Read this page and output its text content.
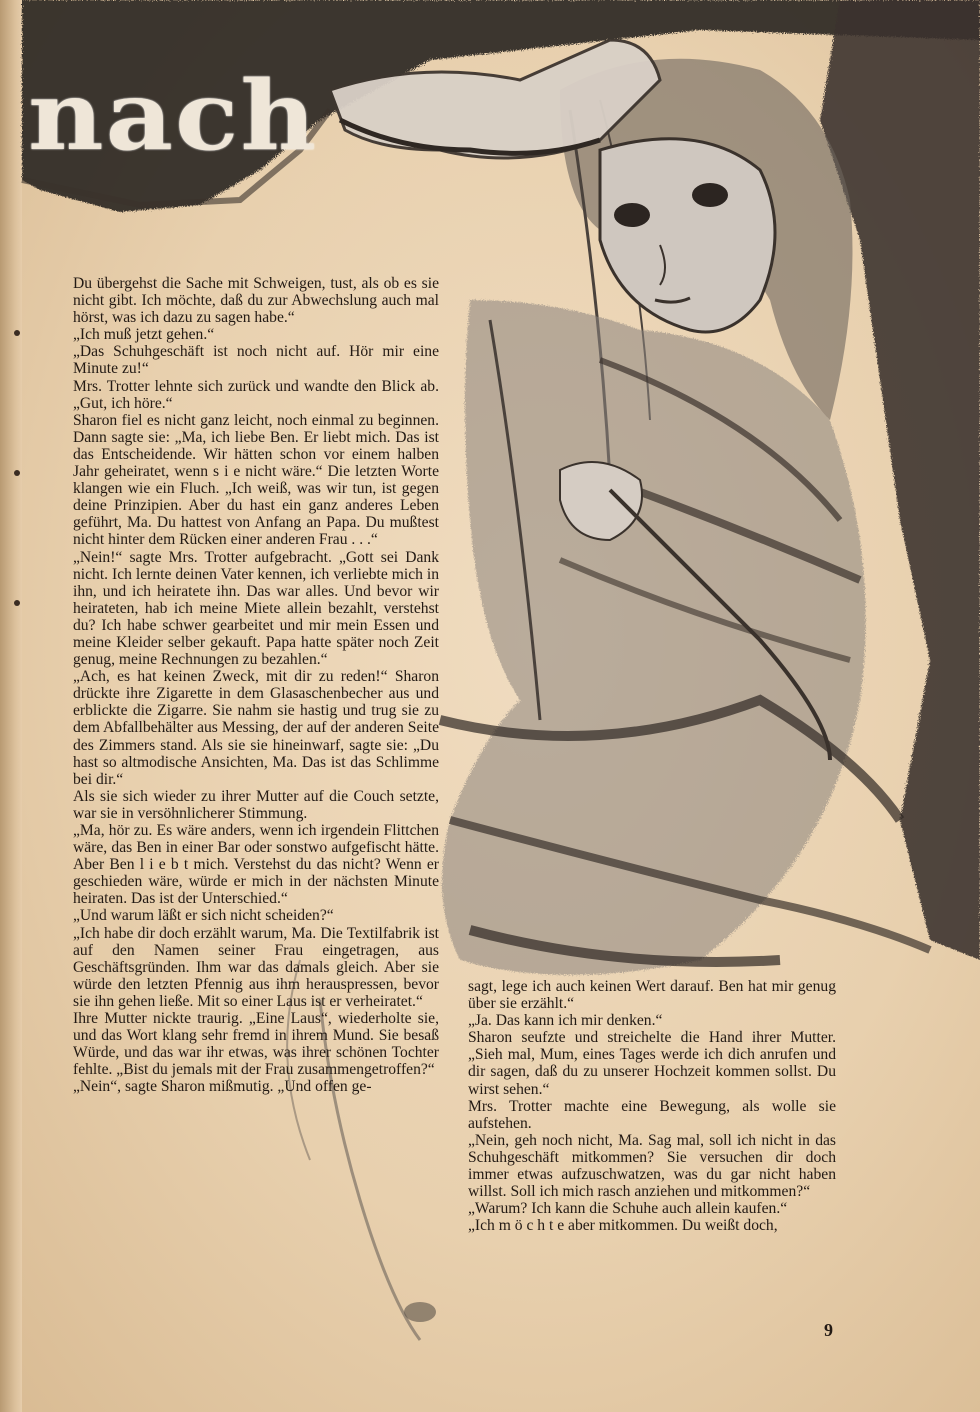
nach

Du übergehst die Sache mit Schweigen, tust, als ob es sie nicht gibt. Ich möchte, daß du zur Abwechslung auch mal hörst, was ich dazu zu sagen habe.“

„Ich muß jetzt gehen.“

„Das Schuhgeschäft ist noch nicht auf. Hör mir eine Minute zu!“

Mrs. Trotter lehnte sich zurück und wandte den Blick ab. „Gut, ich höre.“

Sharon fiel es nicht ganz leicht, noch einmal zu beginnen. Dann sagte sie: „Ma, ich liebe Ben. Er liebt mich. Das ist das Entscheidende. Wir hätten schon vor einem halben Jahr geheiratet, wenn s i e nicht wäre.“ Die letzten Worte klangen wie ein Fluch. „Ich weiß, was wir tun, ist gegen deine Prinzipien. Aber du hast ein ganz anderes Leben geführt, Ma. Du hattest von Anfang an Papa. Du mußtest nicht hinter dem Rücken einer anderen Frau . . .“

„Nein!“ sagte Mrs. Trotter aufgebracht. „Gott sei Dank nicht. Ich lernte deinen Vater kennen, ich verliebte mich in ihn, und ich heiratete ihn. Das war alles. Und bevor wir heirateten, hab ich meine Miete allein bezahlt, verstehst du? Ich habe schwer gearbeitet und mir mein Essen und meine Kleider selber gekauft. Papa hatte später noch Zeit genug, meine Rechnungen zu bezahlen.“

„Ach, es hat keinen Zweck, mit dir zu reden!“ Sharon drückte ihre Zigarette in dem Glasaschenbecher aus und erblickte die Zigarre. Sie nahm sie hastig und trug sie zu dem Abfallbehälter aus Messing, der auf der anderen Seite des Zimmers stand. Als sie sie hineinwarf, sagte sie: „Du hast so altmodische Ansichten, Ma. Das ist das Schlimme bei dir.“

Als sie sich wieder zu ihrer Mutter auf die Couch setzte, war sie in versöhnlicherer Stimmung.

„Ma, hör zu. Es wäre anders, wenn ich irgendein Flittchen wäre, das Ben in einer Bar oder sonstwo aufgefischt hätte. Aber Ben l i e b t mich. Verstehst du das nicht? Wenn er geschieden wäre, würde er mich in der nächsten Minute heiraten. Das ist der Unterschied.“

„Und warum läßt er sich nicht scheiden?“

„Ich habe dir doch erzählt warum, Ma. Die Textilfabrik ist auf den Namen seiner Frau eingetragen, aus Geschäftsgründen. Ihm war das damals gleich. Aber sie würde den letzten Pfennig aus ihm herauspressen, bevor sie ihn gehen ließe. Mit so einer Laus ist er verheiratet.“

Ihre Mutter nickte traurig. „Eine Laus“, wiederholte sie, und das Wort klang sehr fremd in ihrem Mund. Sie besaß Würde, und das war ihr etwas, was ihrer schönen Tochter fehlte. „Bist du jemals mit der Frau zusammengetroffen?“

„Nein“, sagte Sharon mißmutig. „Und offen ge-

sagt, lege ich auch keinen Wert darauf. Ben hat mir genug über sie erzählt.“

„Ja. Das kann ich mir denken.“

Sharon seufzte und streichelte die Hand ihrer Mutter. „Sieh mal, Mum, eines Tages werde ich dich anrufen und dir sagen, daß du zu unserer Hochzeit kommen sollst. Du wirst sehen.“

Mrs. Trotter machte eine Bewegung, als wolle sie aufstehen.

„Nein, geh noch nicht, Ma. Sag mal, soll ich nicht in das Schuhgeschäft mitkommen? Sie versuchen dir doch immer etwas aufzuschwatzen, was du gar nicht haben willst. Soll ich mich rasch anziehen und mitkommen?“

„Warum? Ich kann die Schuhe auch allein kaufen.“

„Ich m ö c h t e aber mitkommen. Du weißt doch,

9
